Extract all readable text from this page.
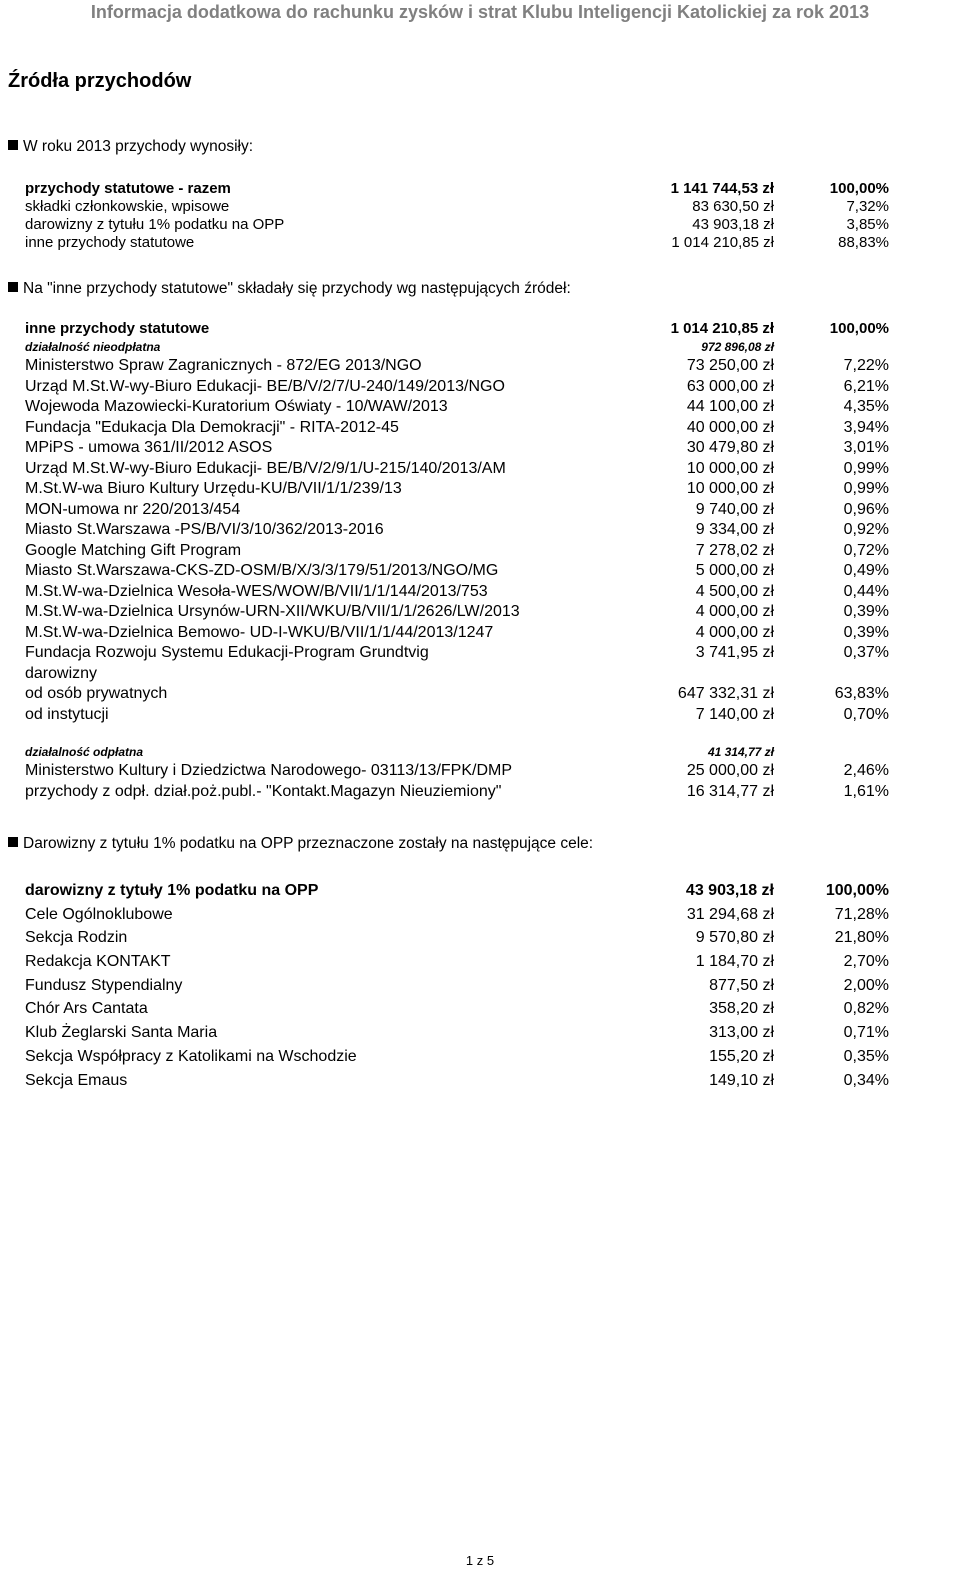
Informacja dodatkowa do rachunku zysków i strat Klubu Inteligencji Katolickiej za rok 2013
Źródła przychodów
W roku 2013 przychody wynosiły:
przychody statutowe - razem	1 141 744,53 zł	100,00%
składki członkowskie, wpisowe	83 630,50 zł	7,32%
darowizny z tytułu 1% podatku na OPP	43 903,18 zł	3,85%
inne przychody statutowe	1 014 210,85 zł	88,83%
Na "inne przychody statutowe" składały się przychody wg następujących źródeł:
inne przychody statutowe	1 014 210,85 zł	100,00%
działalność nieodpłatna	972 896,08 zł
Ministerstwo Spraw Zagranicznych - 872/EG 2013/NGO	73 250,00 zł	7,22%
Urząd M.St.W-wy-Biuro Edukacji- BE/B/V/2/7/U-240/149/2013/NGO	63 000,00 zł	6,21%
Wojewoda Mazowiecki-Kuratorium Oświaty - 10/WAW/2013	44 100,00 zł	4,35%
Fundacja "Edukacja Dla Demokracji" - RITA-2012-45	40 000,00 zł	3,94%
MPiPS - umowa 361/II/2012 ASOS	30 479,80 zł	3,01%
Urząd M.St.W-wy-Biuro Edukacji- BE/B/V/2/9/1/U-215/140/2013/AM	10 000,00 zł	0,99%
M.St.W-wa Biuro Kultury Urzędu-KU/B/VII/1/1/239/13	10 000,00 zł	0,99%
MON-umowa nr 220/2013/454	9 740,00 zł	0,96%
Miasto St.Warszawa -PS/B/VI/3/10/362/2013-2016	9 334,00 zł	0,92%
Google Matching Gift Program	7 278,02 zł	0,72%
Miasto St.Warszawa-CKS-ZD-OSM/B/X/3/3/179/51/2013/NGO/MG	5 000,00 zł	0,49%
M.St.W-wa-Dzielnica Wesoła-WES/WOW/B/VII/1/1/144/2013/753	4 500,00 zł	0,44%
M.St.W-wa-Dzielnica Ursynów-URN-XII/WKU/B/VII/1/1/2626/LW/2013	4 000,00 zł	0,39%
M.St.W-wa-Dzielnica Bemowo- UD-I-WKU/B/VII/1/1/44/2013/1247	4 000,00 zł	0,39%
Fundacja Rozwoju Systemu Edukacji-Program Grundtvig	3 741,95 zł	0,37%
darowizny
od osób prywatnych	647 332,31 zł	63,83%
od instytucji	7 140,00 zł	0,70%
działalność odpłatna	41 314,77 zł
Ministerstwo Kultury i Dziedzictwa Narodowego- 03113/13/FPK/DMP	25 000,00 zł	2,46%
przychody z odpł. dział.poż.publ.- "Kontakt.Magazyn Nieuziemiony"	16 314,77 zł	1,61%
Darowizny z tytułu 1% podatku na OPP przeznaczone zostały na następujące cele:
darowizny z tytuły 1% podatku na OPP	43 903,18 zł	100,00%
Cele Ogólnoklubowe	31 294,68 zł	71,28%
Sekcja Rodzin	9 570,80 zł	21,80%
Redakcja KONTAKT	1 184,70 zł	2,70%
Fundusz Stypendialny	877,50 zł	2,00%
Chór Ars Cantata	358,20 zł	0,82%
Klub Żeglarski Santa Maria	313,00 zł	0,71%
Sekcja Współpracy z Katolikami na Wschodzie	155,20 zł	0,35%
Sekcja Emaus	149,10 zł	0,34%
1 z 5
